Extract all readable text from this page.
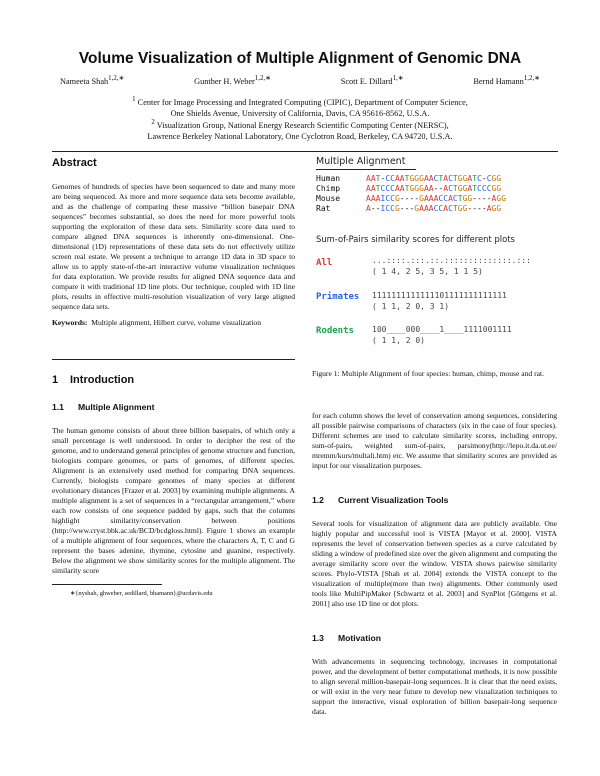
Volume Visualization of Multiple Alignment of Genomic DNA
Nameeta Shah$^{1,2,∗}$	Gunther H. Weber$^{1,2,∗}$	Scott E. Dillard$^{1,∗}$	Bernd Hamann$^{1,2,∗}$
$^1$ Center for Image Processing and Integrated Computing (CIPIC), Department of Computer Science,
One Shields Avenue, University of California, Davis, CA 95616-8562, U.S.A.
$^2$ Visualization Group, National Energy Research Scientific Computing Center (NERSC),
Lawrence Berkeley National Laboratory, One Cyclotron Road, Berkeley, CA 94720, U.S.A.
Abstract

Genomes of hundreds of species have been sequenced to date and many more are being sequenced. As more and more sequence data sets become available, and as the challenge of comparing these massive “billion basepair DNA sequences” becomes substantial, so does the need for more powerful tools supporting the exploration of these data sets. Similarity score data used to compare aligned DNA sequences is inherently one-dimensional. One-dimensional (1D) representations of these data sets do not effectively utilize screen real estate. We present a technique to arrange 1D data in 3D space to allow us to apply state-of-the-art interactive volume visualization techniques for data exploration. We provide results for aligned DNA sequence data and compare it with traditional 1D line plots. Our technique, coupled with 1D line plots, results in effective multi-resolution visualization of very large aligned sequence data sets.

Keywords: Multiple alignment, Hilbert curve, volume visualization

1 Introduction
1.1 Multiple Alignment

The human genome consists of about three billion basepairs, of which only a small percentage is well understood. In order to decipher the rest of the genome, and to understand general principles of genome structure and function, biologists compare genomes, or parts of genomes, of different species. Alignment is an extensively used method for comparing DNA sequences. Currently, biologists compare genomes of many species at different evolutionary distances [Frazer et al. 2003] by examining multiple alignments. A multiple alignment is a set of sequences in a “rectangular arrangement,” where each row consists of one sequence padded by gaps, such that the columns highlight similarity/conservation between positions (http://www.cryst.bbk.ac.uk/BCD/bcdgloss.html). Figure 1 shows an example of a multiple alignment of four sequences, where the characters A, T, C and G represent the bases adenine, thymine, cytosine and guanine, respectively. Below the alignment we show similarity scores for the multiple alignment. The similarity score

∗{nyshah, ghweber, sedillard, bhamann}@ucdavis.edu
Multiple Alignment
Human	AAT-CCAATGGGAACTACTGGATC-CGG
Chimp	AATCCCAATGGGAA--ACTGGATCCCGG
Mouse	AAAICCG----GAAACCACTGG----AGG
Rat	A--ICCG---GAAACCACTGG----AGG
Sum-of-Pairs similarity scores for different plots
All	...::::.:::.::.::::::::::::::.:::
( 1 4, 2 5, 3 5, 1 1 5)
Primates 1111111111111101111111111111
( 1 1, 2 0, 3 1)
Rodents 100____000____1____1111001111
( 1 1, 2 0)

Figure 1: Multiple Alignment of four species: human, chimp, mouse and rat.

for each column shows the level of conservation among sequences, considering all possible pairwise comparisons of characters (six in the case of four species). Different schemes are used to calculate similarity scores, including entropy, sum-of-pairs, weighted sum-of-pairs, parsimony(http://lepo.it.da.ut.ee/ mremm/kurs/multali.htm) etc. We assume that similarity scores are provided as input for our visualization purposes.

1.2 Current Visualization Tools

Several tools for visualization of alignment data are publicly available. One highly popular and successful tool is VISTA [Mayor et al. 2000]. VISTA represents the level of conservation between species as a curve calculated by sliding a window of predefined size over the given alignment and computing the average similarity score over the window. VISTA shows pairwise similarity scores. Phylo-VISTA [Shah et al. 2004] extends the VISTA concept to the visualization of multiple(more than two) alignments. Other commonly used tools like MultiPipMaker [Schwartz et al. 2003] and SynPlot [Göttgens et al. 2001] also use 1D line or dot plots.

1.3 Motivation

With advancements in sequencing technology, increases in computational power, and the development of better computational methods, it is now possible to align several million-basepair-long sequences. It is clear that the need exists, or will exist in the very near future to develop new visualization techniques to support the interactive, visual exploration of billion basepair-long sequence data.
